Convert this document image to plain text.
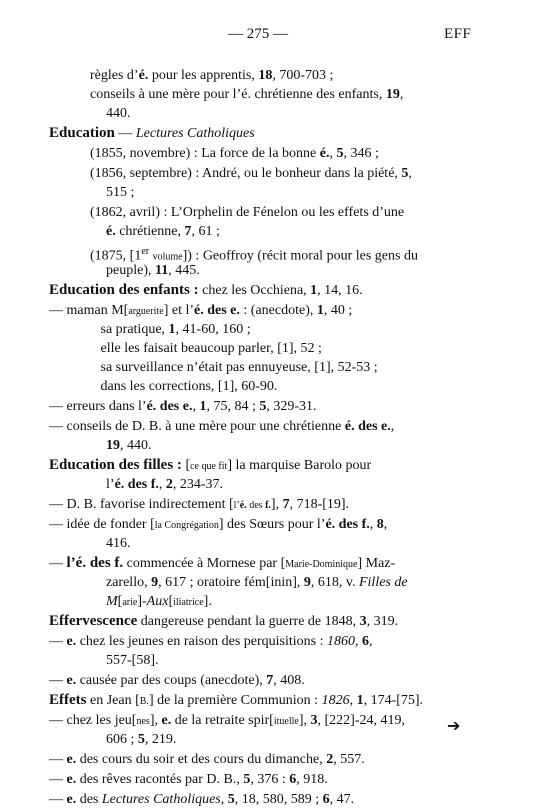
— 275 —	EFF
règles d’é. pour les apprentis, 18, 700-703 ;
conseils à une mère pour l’é. chrétienne des enfants, 19,
440.
Education — Lectures Catholiques
(1855, novembre) : La force de la bonne é., 5, 346 ;
(1856, septembre) : André, ou le bonheur dans la piété, 5,
515 ;
(1862, avril) : L’Orphelin de Fénelon ou les effets d’une
é. chrétienne, 7, 61 ;
(1875, [1er volume]) : Geoffroy (récit moral pour les gens du
peuple), 11, 445.
Education des enfants : chez les Occhiena, 1, 14, 16.
— maman M[arguerite] et l’é. des e. : (anecdote), 1, 40 ;
sa pratique, 1, 41-60, 160 ;
elle les faisait beaucoup parler, [1], 52 ;
sa surveillance n’était pas ennuyeuse, [1], 52-53 ;
dans les corrections, [1], 60-90.
— erreurs dans l’é. des e., 1, 75, 84 ; 5, 329-31.
— conseils de D. B. à une mère pour une chrétienne é. des e.,
19, 440.
Education des filles : [ce que fit] la marquise Barolo pour
l’é. des f., 2, 234-37.
— D. B. favorise indirectement [l’é. des f.], 7, 718-[19].
— idée de fonder [la Congrégation] des Sœurs pour l’é. des f., 8,
416.
— l’é. des f. commencée à Mornese par [Marie-Dominique] Maz-
zarello, 9, 617 ; oratoire fém[inin], 9, 618, v. Filles de
M[arie]-Aux[iliatrice].
Effervescence dangereuse pendant la guerre de 1848, 3, 319.
— e. chez les jeunes en raison des perquisitions : 1860, 6,
557-[58].
— e. causée par des coups (anecdote), 7, 408.
Effets en Jean [B.] de la première Communion : 1826, 1, 174-[75].
— chez les jeu[nes], e. de la retraite spir[ituelle], 3, [222]-24, 419,
606 ; 5, 219.
— e. des cours du soir et des cours du dimanche, 2, 557.
— e. des rêves racontés par D. B., 5, 376 : 6, 918.
— e. des Lectures Catholiques, 5, 18, 580, 589 ; 6, 47.
➔
